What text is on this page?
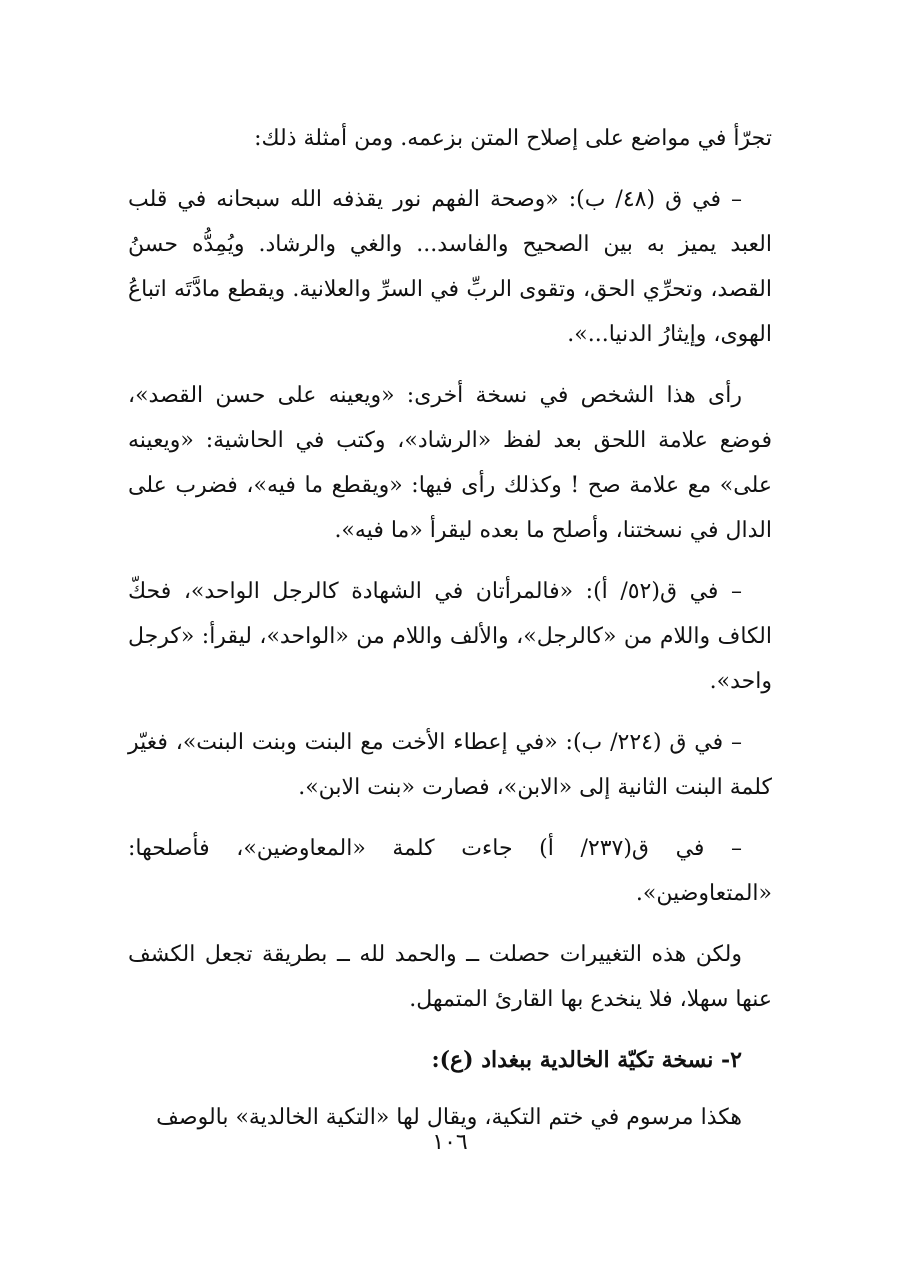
تجرّأ في مواضع على إصلاح المتن بزعمه. ومن أمثلة ذلك:

– في ق (٤٨/ ب): «وصحة الفهم نور يقذفه الله سبحانه في قلب العبد يميز به بين الصحيح والفاسد... والغي والرشاد. ويُمِدُّه حسنُ القصد، وتحرِّي الحق، وتقوى الربِّ في السرِّ والعلانية. ويقطع مادَّتَه اتباعُ الهوى، وإيثارُ الدنيا...».

رأى هذا الشخص في نسخة أخرى: «ويعينه على حسن القصد»، فوضع علامة اللحق بعد لفظ «الرشاد»، وكتب في الحاشية: «ويعينه على» مع علامة صح ! وكذلك رأى فيها: «ويقطع ما فيه»، فضرب على الدال في نسختنا، وأصلح ما بعده ليقرأ «ما فيه».

– في ق(٥٢/ أ): «فالمرأتان في الشهادة كالرجل الواحد»، فحكّ الكاف واللام من «كالرجل»، والألف واللام من «الواحد»، ليقرأ: «كرجل واحد».

– في ق (٢٢٤/ ب): «في إعطاء الأخت مع البنت وبنت البنت»، فغيّر كلمة البنت الثانية إلى «الابن»، فصارت «بنت الابن».

– في ق(٢٣٧/ أ) جاءت كلمة «المعاوضين»، فأصلحها: «المتعاوضين».

ولكن هذه التغييرات حصلت ــ والحمد لله ــ بطريقة تجعل الكشف عنها سهلا، فلا ينخدع بها القارئ المتمهل.

٢- نسخة تكيّة الخالدية ببغداد (ع):

هكذا مرسوم في ختم التكية، ويقال لها «التكية الخالدية» بالوصف

١٠٦
